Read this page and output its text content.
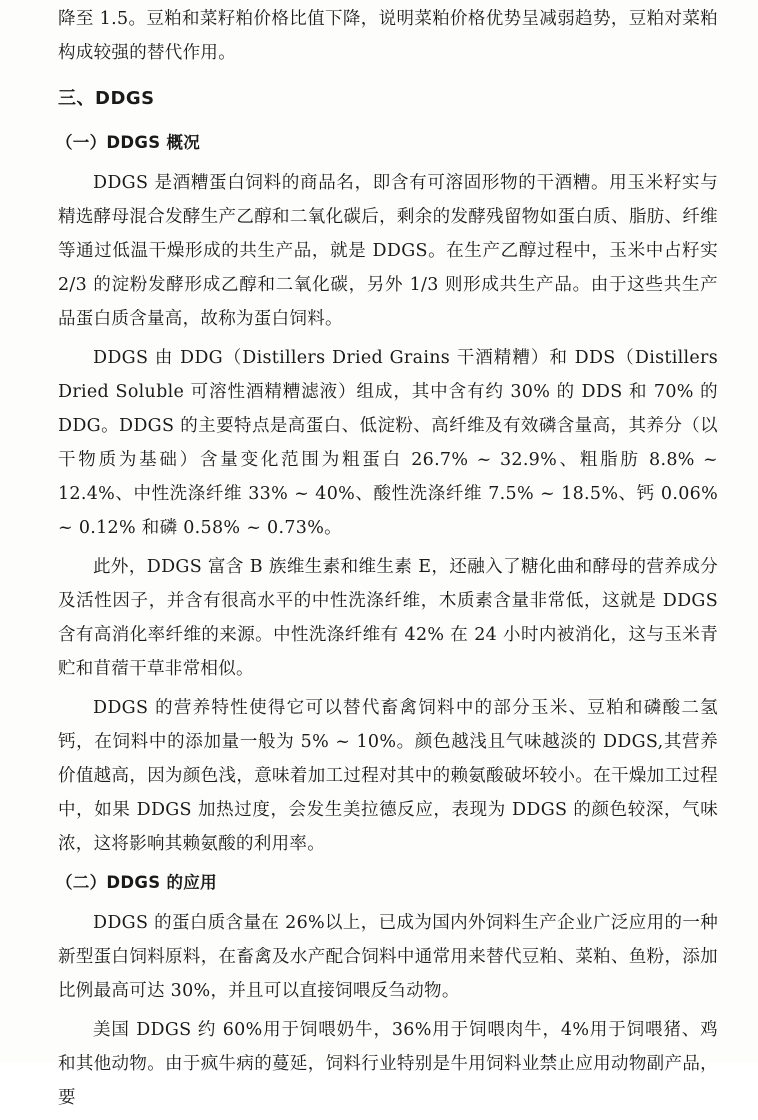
降至 1.5。豆粕和菜籽粕价格比值下降，说明菜粕价格优势呈减弱趋势，豆粕对菜粕构成较强的替代作用。

三、DDGS
（一）DDGS 概况

DDGS 是酒糟蛋白饲料的商品名，即含有可溶固形物的干酒糟。用玉米籽实与精选酵母混合发酵生产乙醇和二氧化碳后，剩余的发酵残留物如蛋白质、脂肪、纤维等通过低温干燥形成的共生产品，就是 DDGS。在生产乙醇过程中，玉米中占籽实 2/3 的淀粉发酵形成乙醇和二氧化碳，另外 1/3 则形成共生产品。由于这些共生产品蛋白质含量高，故称为蛋白饲料。

DDGS 由 DDG（Distillers Dried Grains 干酒精糟）和 DDS（Distillers Dried Soluble 可溶性酒精糟滤液）组成，其中含有约 30% 的 DDS 和 70% 的 DDG。DDGS 的主要特点是高蛋白、低淀粉、高纤维及有效磷含量高，其养分（以干物质为基础）含量变化范围为粗蛋白 26.7% ~ 32.9%、粗脂肪 8.8% ~ 12.4%、中性洗涤纤维 33% ~ 40%、酸性洗涤纤维 7.5% ~ 18.5%、钙 0.06% ~ 0.12% 和磷 0.58% ~ 0.73%。

此外，DDGS 富含 B 族维生素和维生素 E，还融入了糖化曲和酵母的营养成分及活性因子，并含有很高水平的中性洗涤纤维，木质素含量非常低，这就是 DDGS 含有高消化率纤维的来源。中性洗涤纤维有 42% 在 24 小时内被消化，这与玉米青贮和苜蓿干草非常相似。

DDGS 的营养特性使得它可以替代畜禽饲料中的部分玉米、豆粕和磷酸二氢钙，在饲料中的添加量一般为 5% ~ 10%。颜色越浅且气味越淡的 DDGS,其营养价值越高，因为颜色浅，意味着加工过程对其中的赖氨酸破坏较小。在干燥加工过程中，如果 DDGS 加热过度，会发生美拉德反应，表现为 DDGS 的颜色较深，气味浓，这将影响其赖氨酸的利用率。

（二）DDGS 的应用

DDGS 的蛋白质含量在 26%以上，已成为国内外饲料生产企业广泛应用的一种新型蛋白饲料原料，在畜禽及水产配合饲料中通常用来替代豆粕、菜粕、鱼粉，添加比例最高可达 30%，并且可以直接饲喂反刍动物。

美国 DDGS 约 60%用于饲喂奶牛，36%用于饲喂肉牛，4%用于饲喂猪、鸡和其他动物。由于疯牛病的蔓延，饲料行业特别是牛用饲料业禁止应用动物副产品，要
